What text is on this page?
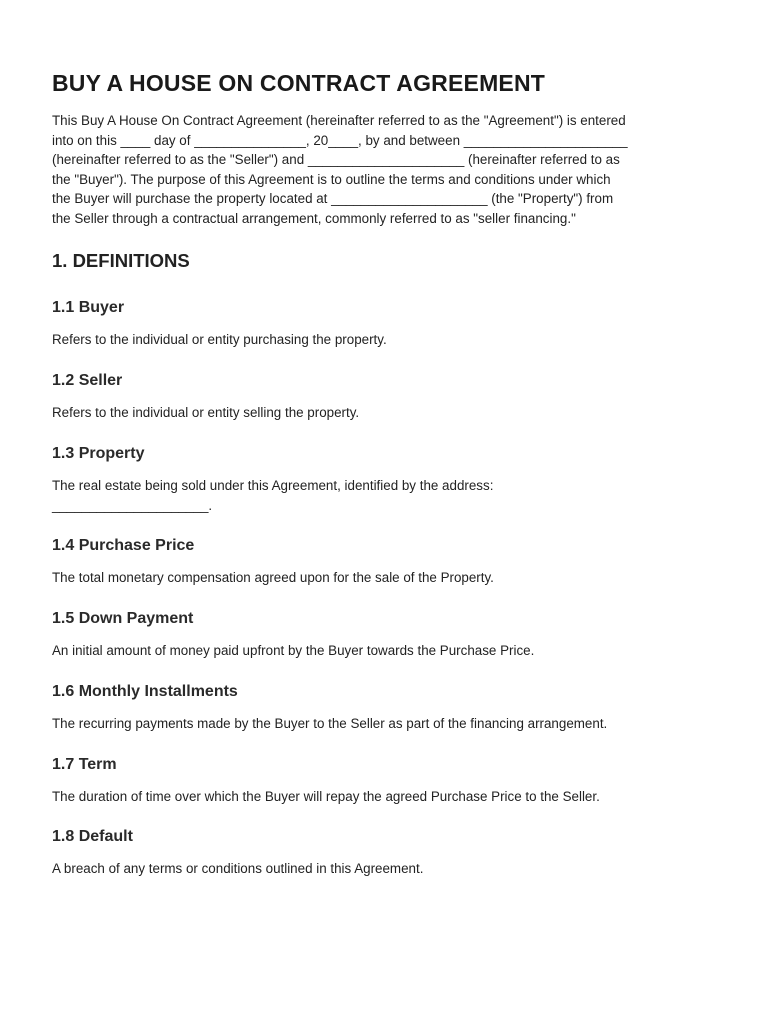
BUY A HOUSE ON CONTRACT AGREEMENT

This Buy A House On Contract Agreement (hereinafter referred to as the "Agreement") is entered
into on this ____ day of _______________, 20____, by and between ______________________
(hereinafter referred to as the "Seller") and _____________________ (hereinafter referred to as
the "Buyer"). The purpose of this Agreement is to outline the terms and conditions under which
the Buyer will purchase the property located at _____________________ (the "Property") from
the Seller through a contractual arrangement, commonly referred to as "seller financing."

1. DEFINITIONS
1.1 Buyer

Refers to the individual or entity purchasing the property.

1.2 Seller

Refers to the individual or entity selling the property.

1.3 Property

The real estate being sold under this Agreement, identified by the address:
_____________________.

1.4 Purchase Price

The total monetary compensation agreed upon for the sale of the Property.

1.5 Down Payment

An initial amount of money paid upfront by the Buyer towards the Purchase Price.

1.6 Monthly Installments

The recurring payments made by the Buyer to the Seller as part of the financing arrangement.

1.7 Term

The duration of time over which the Buyer will repay the agreed Purchase Price to the Seller.

1.8 Default

A breach of any terms or conditions outlined in this Agreement.
